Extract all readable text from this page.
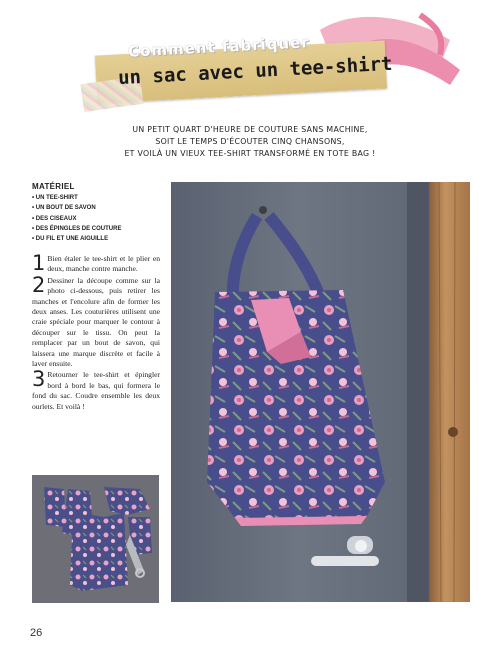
Comment fabriquer
un sac avec un tee-shirt
UN PETIT QUART D'HEURE DE COUTURE SANS MACHINE,
SOIT LE TEMPS D'ÉCOUTER CINQ CHANSONS,
ET VOILÀ UN VIEUX TEE-SHIRT TRANSFORMÉ EN TOTE BAG !
MATÉRIEL
• UN TEE-SHIRT
• UN BOUT DE SAVON
• DES CISEAUX
• DES ÉPINGLES DE COUTURE
• DU FIL ET UNE AIGUILLE

1 Bien étaler le tee-shirt et le plier en deux, manche contre manche.

2 Dessiner la découpe comme sur la photo ci-dessous, puis retirer les manches et l'encolure afin de former les deux anses. Les couturières utilisent une craie spéciale pour marquer le contour à découper sur le tissu. On peut la remplacer par un bout de savon, qui laissera une marque discrète et facile à laver ensuite.

3 Retourner le tee-shirt et épingler bord à bord le bas, qui formera le fond du sac. Coudre ensemble les deux ourlets. Et voilà !

26
